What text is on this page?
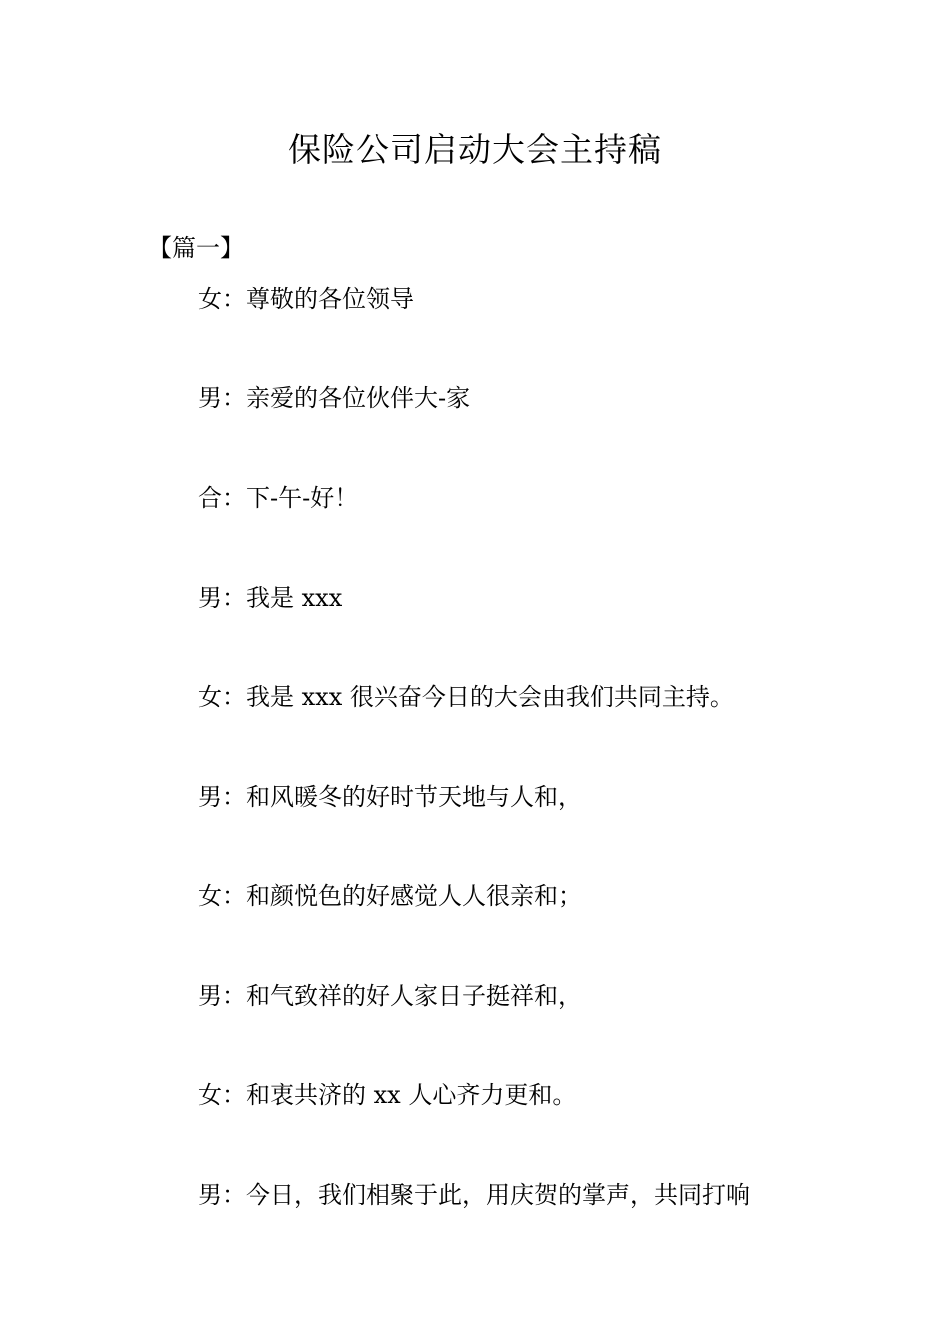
保险公司启动大会主持稿
【篇一】

女：尊敬的各位领导

男：亲爱的各位伙伴大-家

合：下-午-好！

男：我是 xxx

女：我是 xxx 很兴奋今日的大会由我们共同主持。

男：和风暖冬的好时节天地与人和，

女：和颜悦色的好感觉人人很亲和；

男：和气致祥的好人家日子挺祥和，

女：和衷共济的 xx 人心齐力更和。

男：今日，我们相聚于此，用庆贺的掌声，共同打响
